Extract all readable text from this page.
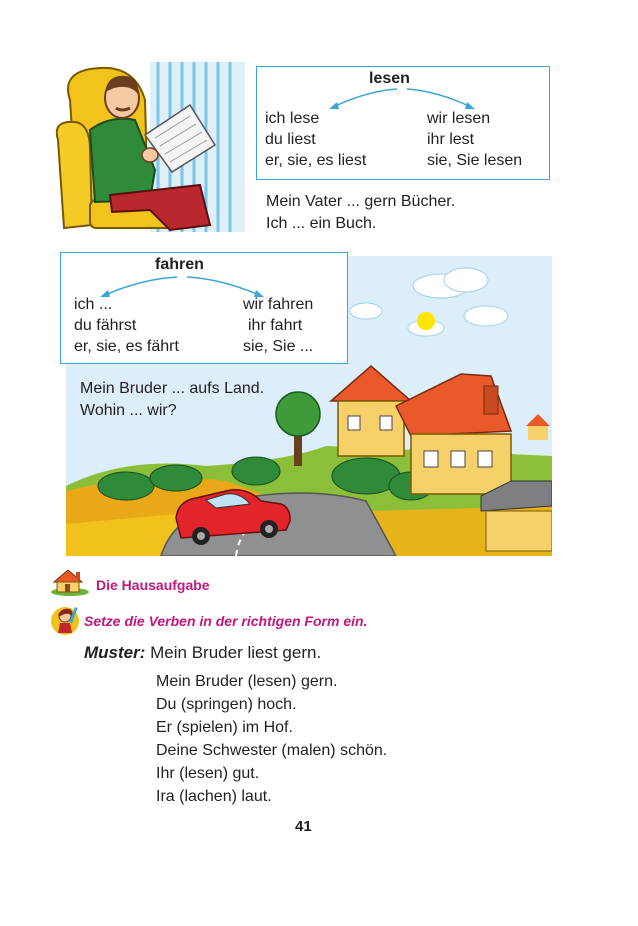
lesen
ich lese
du liest
er, sie, es liest
wir lesen
ihr lest
sie, Sie lesen
Mein Vater ... gern Bücher.
Ich ... ein Buch.
fahren
ich ...
du fährst
er, sie, es fährt
wir fahren
ihr fahrt
sie, Sie ...
Mein Bruder ... aufs Land.
Wohin ... wir?
Die Hausaufgabe
Setze die Verben in der richtigen Form ein.
Muster: Mein Bruder liest gern.
Mein Bruder (lesen) gern.
Du (springen) hoch.
Er (spielen) im Hof.
Deine Schwester (malen) schön.
Ihr (lesen) gut.
Ira (lachen) laut.
41
